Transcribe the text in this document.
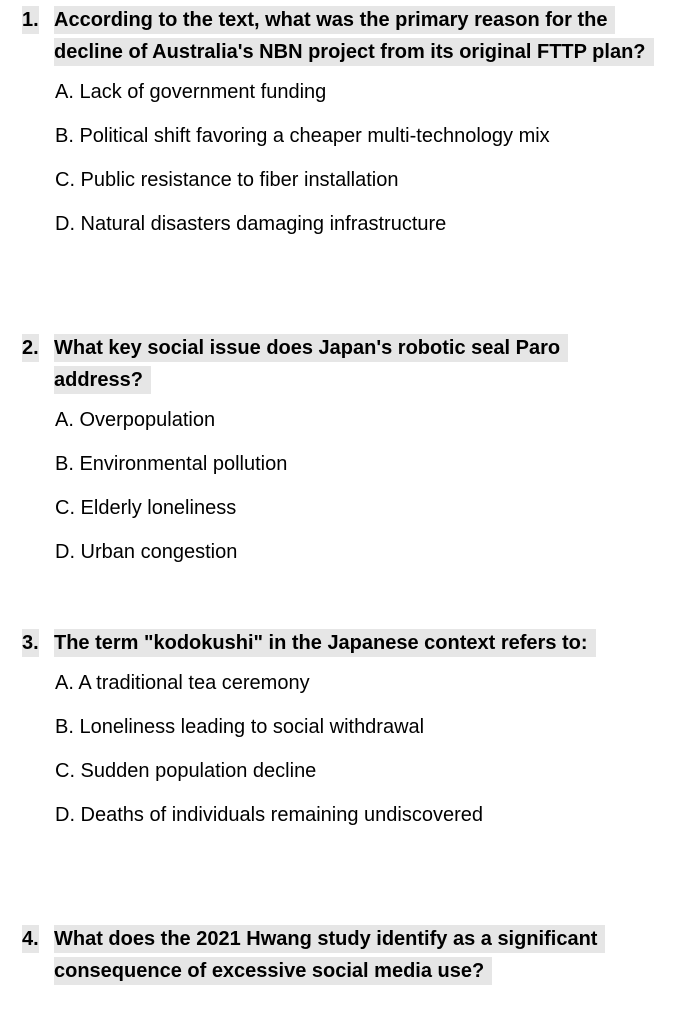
1. According to the text, what was the primary reason for the decline of Australia's NBN project from its original FTTP plan?
A. Lack of government funding
B. Political shift favoring a cheaper multi-technology mix
C. Public resistance to fiber installation
D. Natural disasters damaging infrastructure
2. What key social issue does Japan's robotic seal Paro address?
A. Overpopulation
B. Environmental pollution
C. Elderly loneliness
D. Urban congestion
3. The term "kodokushi" in the Japanese context refers to:
A. A traditional tea ceremony
B. Loneliness leading to social withdrawal
C. Sudden population decline
D. Deaths of individuals remaining undiscovered
4. What does the 2021 Hwang study identify as a significant consequence of excessive social media use?
